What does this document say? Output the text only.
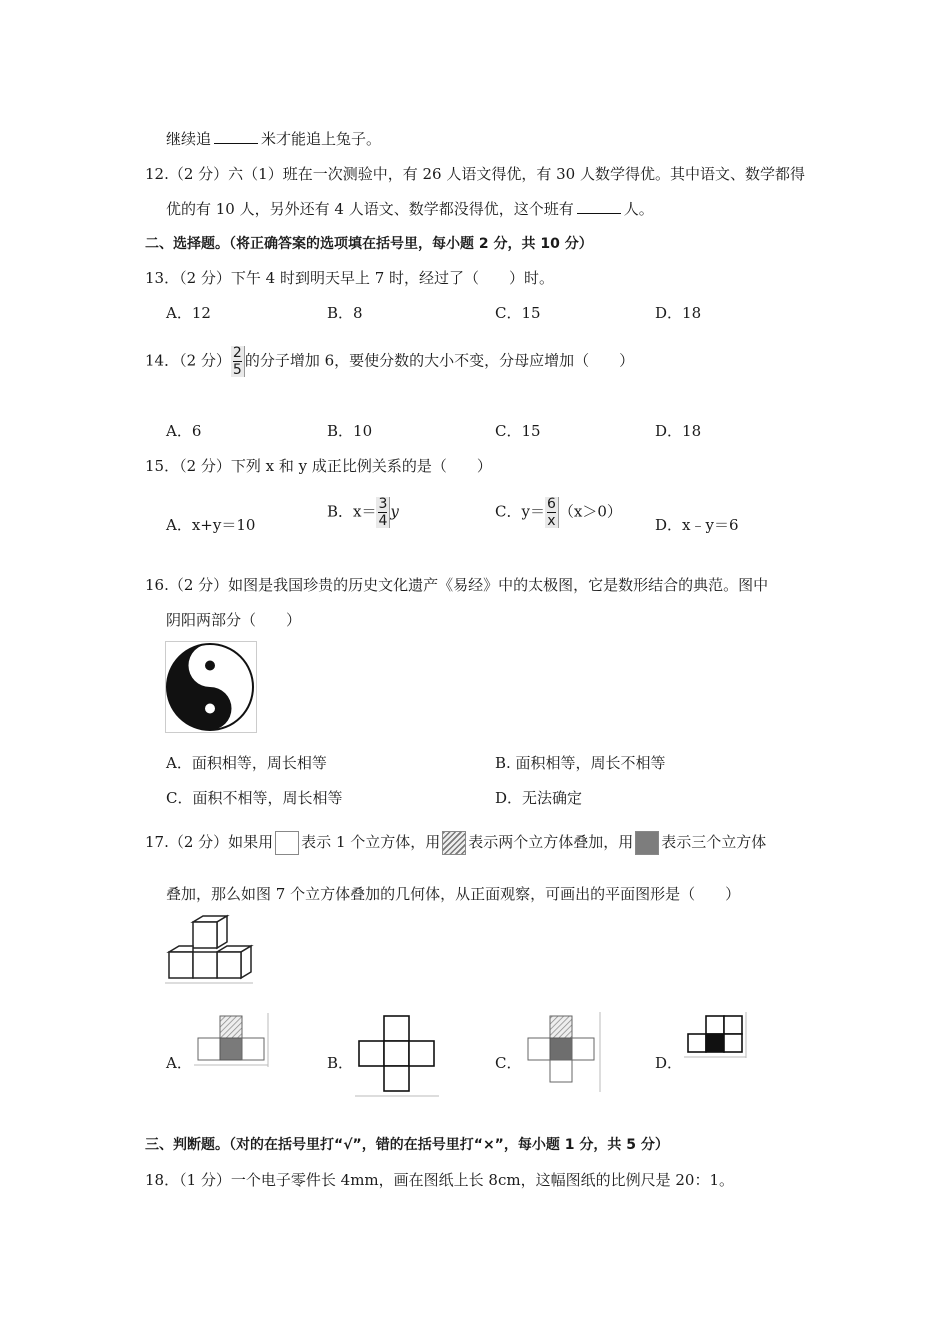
继续追	米才能追上兔子。
12.（2 分）六（1）班在一次测验中，有 26 人语文得优，有 30 人数学得优。其中语文、数学都得
优的有 10 人，另外还有 4 人语文、数学都没得优，这个班有	人。
二、选择题。（将正确答案的选项填在括号里，每小题 2 分，共 10 分）
13．（2 分）下午 4 时到明天早上 7 时，经过了（　　）时。
A．12	B．8	C．15	D．18
14．（2 分） $\frac{2}{5}$ 的分子增加 6，要使分数的大小不变，分母应增加（　　）
A．6	B．10	C．15	D．18
15．（2 分）下列 x 和 y 成正比例关系的是（　　）
A．x+y＝10
B．$x= \frac{3}{4}$ y	C．$y= \frac{6}{x} (x>0)$
D．x﹣y＝6
16.（2 分）如图是我国珍贵的历史文化遗产《易经》中的太极图，它是数形结合的典范。图中
阴阳两部分（　　）
A．面积相等，周长相等	B. 面积相等，周长不相等
C．面积不相等，周长相等	D．无法确定
17.（2 分）如果用 表示 1 个立方体，用 表示两个立方体叠加，用 表示三个立方体
叠加，那么如图 7 个立方体叠加的几何体，从正面观察，可画出的平面图形是（　　）
A．	B．	C．	D．
三、判断题。（对的在括号里打“√”，错的在括号里打“×”，每小题 1 分，共 5 分）
18．（1 分）一个电子零件长 4mm，画在图纸上长 8cm，这幅图纸的比例尺是 20：1。
